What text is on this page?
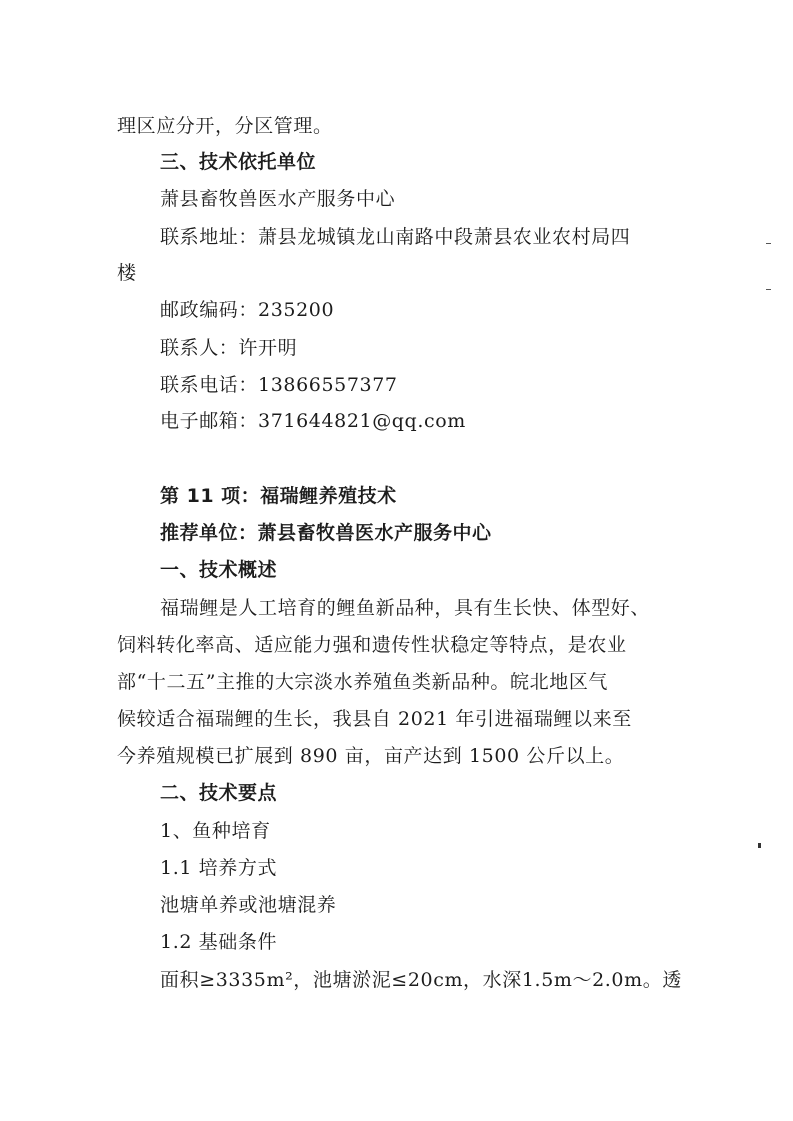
理区应分开，分区管理。
三、技术依托单位
萧县畜牧兽医水产服务中心
联系地址：萧县龙城镇龙山南路中段萧县农业农村局四
楼
邮政编码：235200
联系人：许开明
联系电话：13866557377
电子邮箱：371644821@qq.com
第 11 项：福瑞鲤养殖技术
推荐单位：萧县畜牧兽医水产服务中心
一、技术概述
福瑞鲤是人工培育的鲤鱼新品种，具有生长快、体型好、
饲料转化率高、适应能力强和遗传性状稳定等特点，是农业
部“十二五”主推的大宗淡水养殖鱼类新品种。皖北地区气
候较适合福瑞鲤的生长，我县自 2021 年引进福瑞鲤以来至
今养殖规模已扩展到 890 亩，亩产达到 1500 公斤以上。
二、技术要点
1、鱼种培育
1.1 培养方式
池塘单养或池塘混养
1.2 基础条件
面积≥3335m²，池塘淤泥≤20cm，水深1.5m～2.0m。透
